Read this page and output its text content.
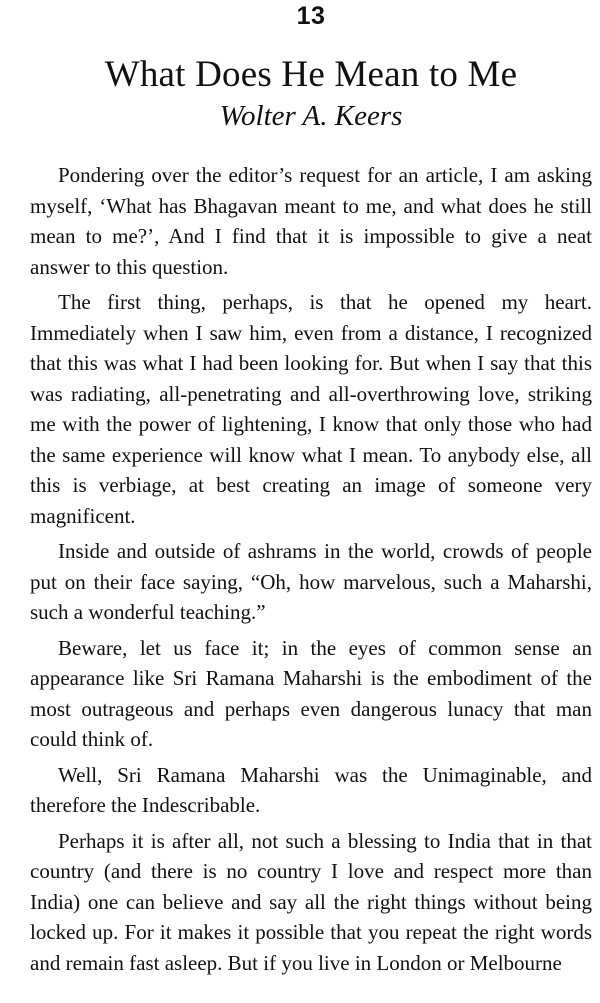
13
What Does He Mean to Me
Wolter A. Keers

Pondering over the editor’s request for an article, I am asking myself, ‘What has Bhagavan meant to me, and what does he still mean to me?’, And I find that it is impossible to give a neat answer to this question.

The first thing, perhaps, is that he opened my heart. Immediately when I saw him, even from a distance, I recognized that this was what I had been looking for. But when I say that this was radiating, all-penetrating and all-overthrowing love, striking me with the power of lightening, I know that only those who had the same experience will know what I mean. To anybody else, all this is verbiage, at best creating an image of someone very magnificent.

Inside and outside of ashrams in the world, crowds of people put on their face saying, “Oh, how marvelous, such a Maharshi, such a wonderful teaching.”

Beware, let us face it; in the eyes of common sense an appearance like Sri Ramana Maharshi is the embodiment of the most outrageous and perhaps even dangerous lunacy that man could think of.

Well, Sri Ramana Maharshi was the Unimaginable, and therefore the Indescribable.

Perhaps it is after all, not such a blessing to India that in that country (and there is no country I love and respect more than India) one can believe and say all the right things without being locked up. For it makes it possible that you repeat the right words and remain fast asleep. But if you live in London or Melbourne
